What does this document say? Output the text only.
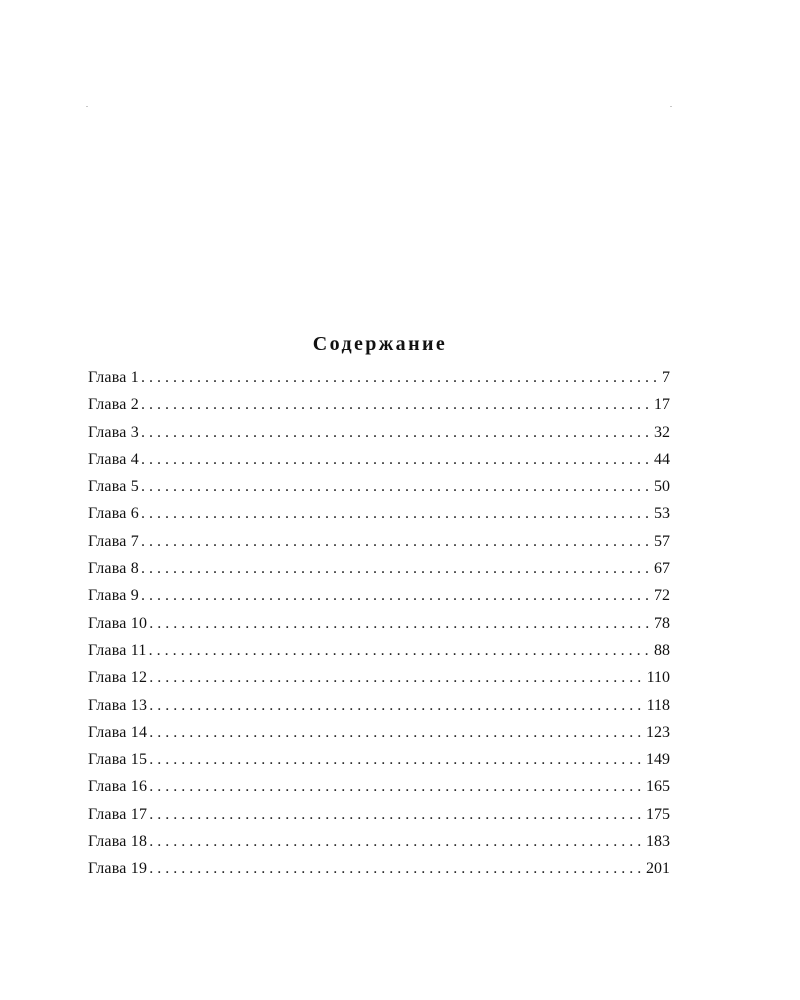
Содержание
Глава 1 . . .	7
Глава 2 . . .	17
Глава 3 . . .	32
Глава 4 . . .	44
Глава 5 . . .	50
Глава 6 . . .	53
Глава 7 . . .	57
Глава 8 . . .	67
Глава 9 . . .	72
Глава 10 . . .	78
Глава 11 . . .	88
Глава 12 . . .	110
Глава 13 . . .	118
Глава 14 . . .	123
Глава 15 . . .	149
Глава 16 . . .	165
Глава 17 . . .	175
Глава 18 . . .	183
Глава 19 . . .	201
